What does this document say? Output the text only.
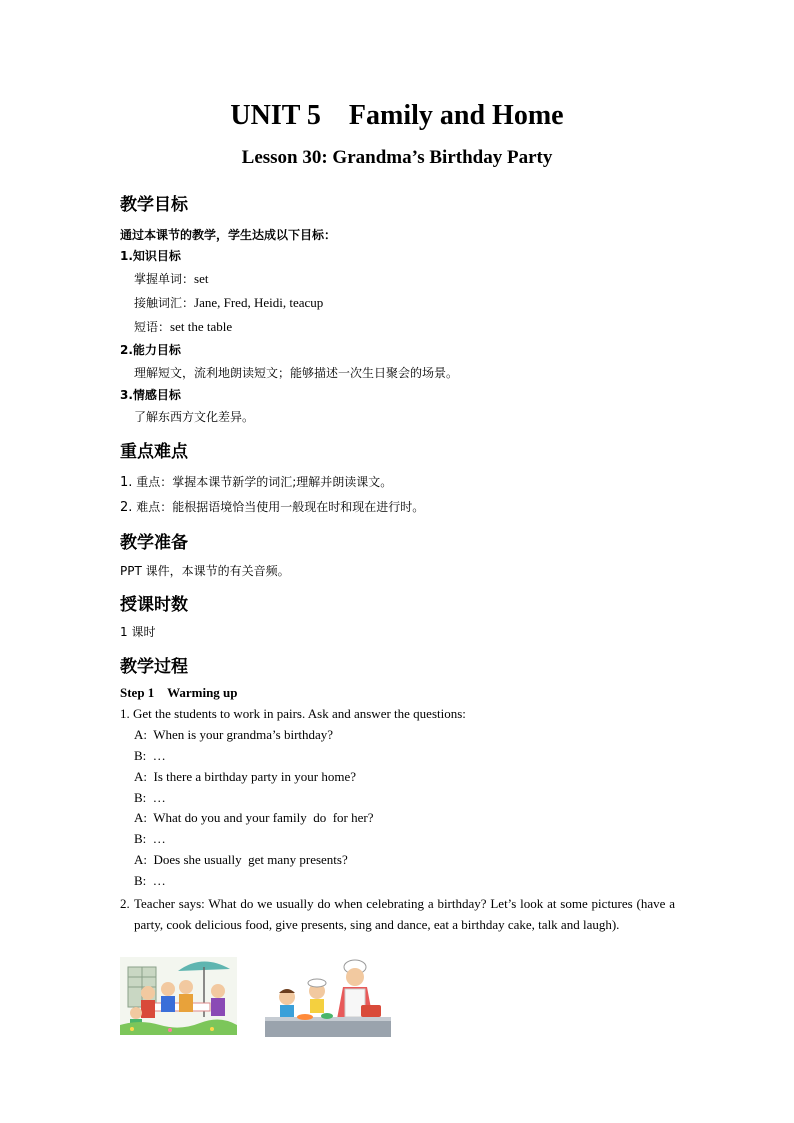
UNIT 5 Family and Home
Lesson 30: Grandma’s Birthday Party
教学目标
通过本课节的教学，学生达成以下目标：
1.知识目标
掌握单词：set
接触词汇：Jane, Fred, Heidi, teacup
短语：set the table
2.能力目标
理解短文，流利地朗读短文；能够描述一次生日聚会的场景。
3.情感目标
了解东西方文化差异。
重点难点
1. 重点：掌握本课节新学的词汇;理解并朗读课文。
2. 难点：能根据语境恰当使用一般现在时和现在进行时。
教学准备
PPT 课件，本课节的有关音频。
授课时数
1 课时
教学过程
Step 1    Warming up
1. Get the students to work in pairs. Ask and answer the questions:
A:  When is your grandma’s birthday?
B:  …
A:  Is there a birthday party in your home?
B:  …
A:  What do you and your family  do  for her?
B:  …
A:  Does she usually  get many presents?
B:  …
2. Teacher says: What do we usually do when celebrating a birthday? Let’s look at some pictures (have a party, cook delicious food, give presents, sing and dance, eat a birthday cake, talk and laugh).
